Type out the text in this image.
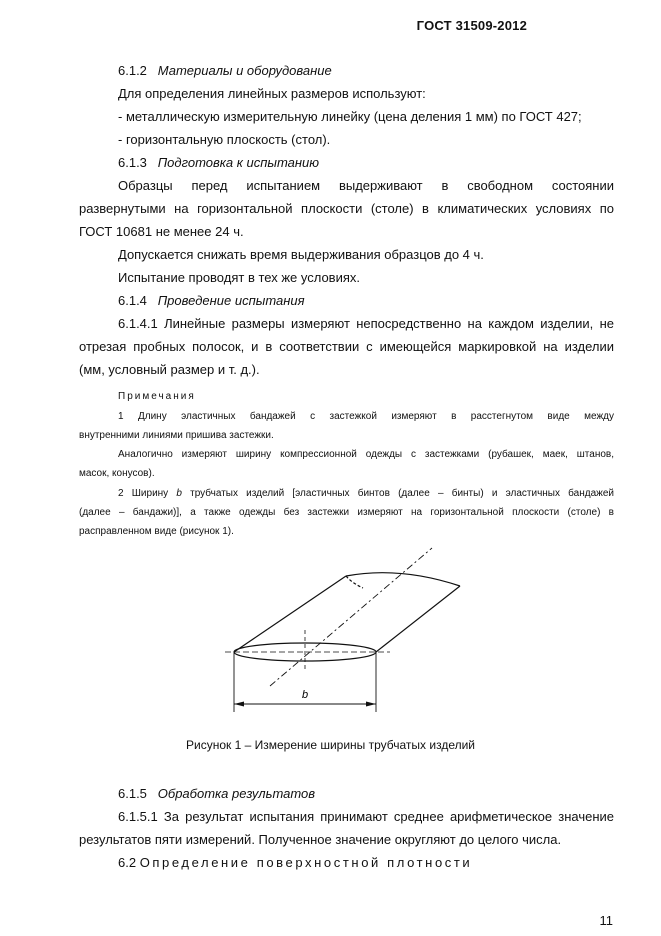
ГОСТ 31509-2012
6.1.2 Материалы и оборудование
Для определения линейных размеров используют:
- металлическую измерительную линейку (цена деления 1 мм) по ГОСТ 427;
- горизонтальную плоскость (стол).
6.1.3 Подготовка к испытанию
Образцы перед испытанием выдерживают в свободном состоянии
развернутыми на горизонтальной плоскости (столе) в климатических условиях по
ГОСТ 10681 не менее 24 ч.
Допускается снижать время выдерживания образцов до 4 ч.
Испытание проводят в тех же условиях.
6.1.4 Проведение испытания
6.1.4.1 Линейные размеры измеряют непосредственно на каждом изделии, не
отрезая пробных полосок, и в соответствии с имеющейся маркировкой на изделии
(мм, условный размер и т. д.).
Примечания
1 Длину эластичных бандажей с застежкой измеряют в расстегнутом виде между
внутренними линиями пришива застежки.
Аналогично измеряют ширину компрессионной одежды с застежками (рубашек, маек, штанов,
масок, конусов).
2 Ширину b трубчатых изделий [эластичных бинтов (далее – бинты) и эластичных бандажей
(далее – бандажи)], а также одежды без застежки измеряют на горизонтальной плоскости (столе) в
расправленном виде (рисунок 1).
b
Рисунок 1 – Измерение ширины трубчатых изделий
6.1.5 Обработка результатов
6.1.5.1 За результат испытания принимают среднее арифметическое значение
результатов пяти измерений. Полученное значение округляют до целого числа.
6.2 Определение поверхностной плотности
11
